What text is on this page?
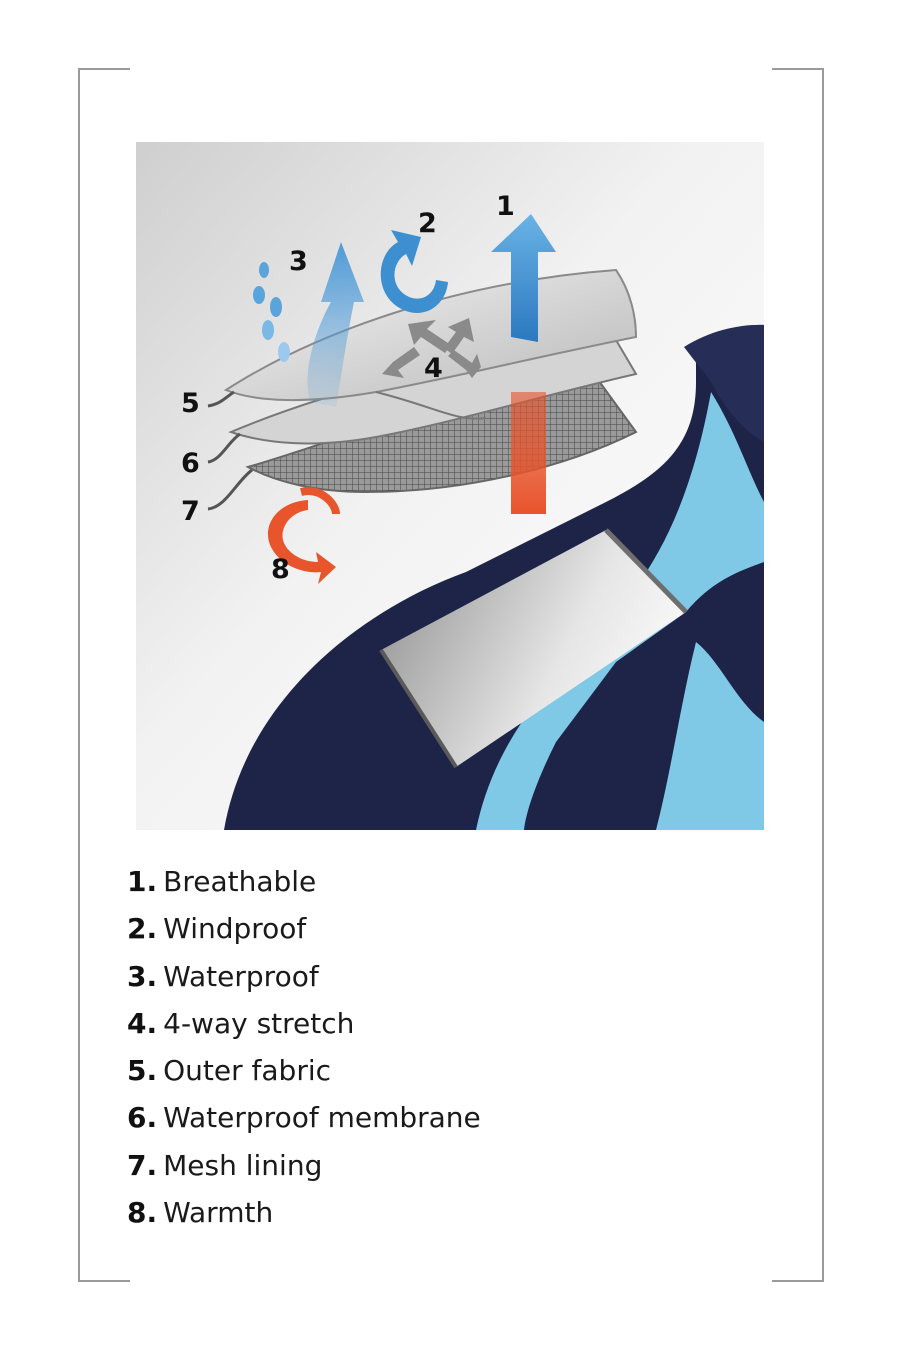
1
2
3
4
5
6
7
8
1. Breathable
2. Windproof
3. Waterproof
4. 4-way stretch
5. Outer fabric
6. Waterproof membrane
7. Mesh lining
8. Warmth
